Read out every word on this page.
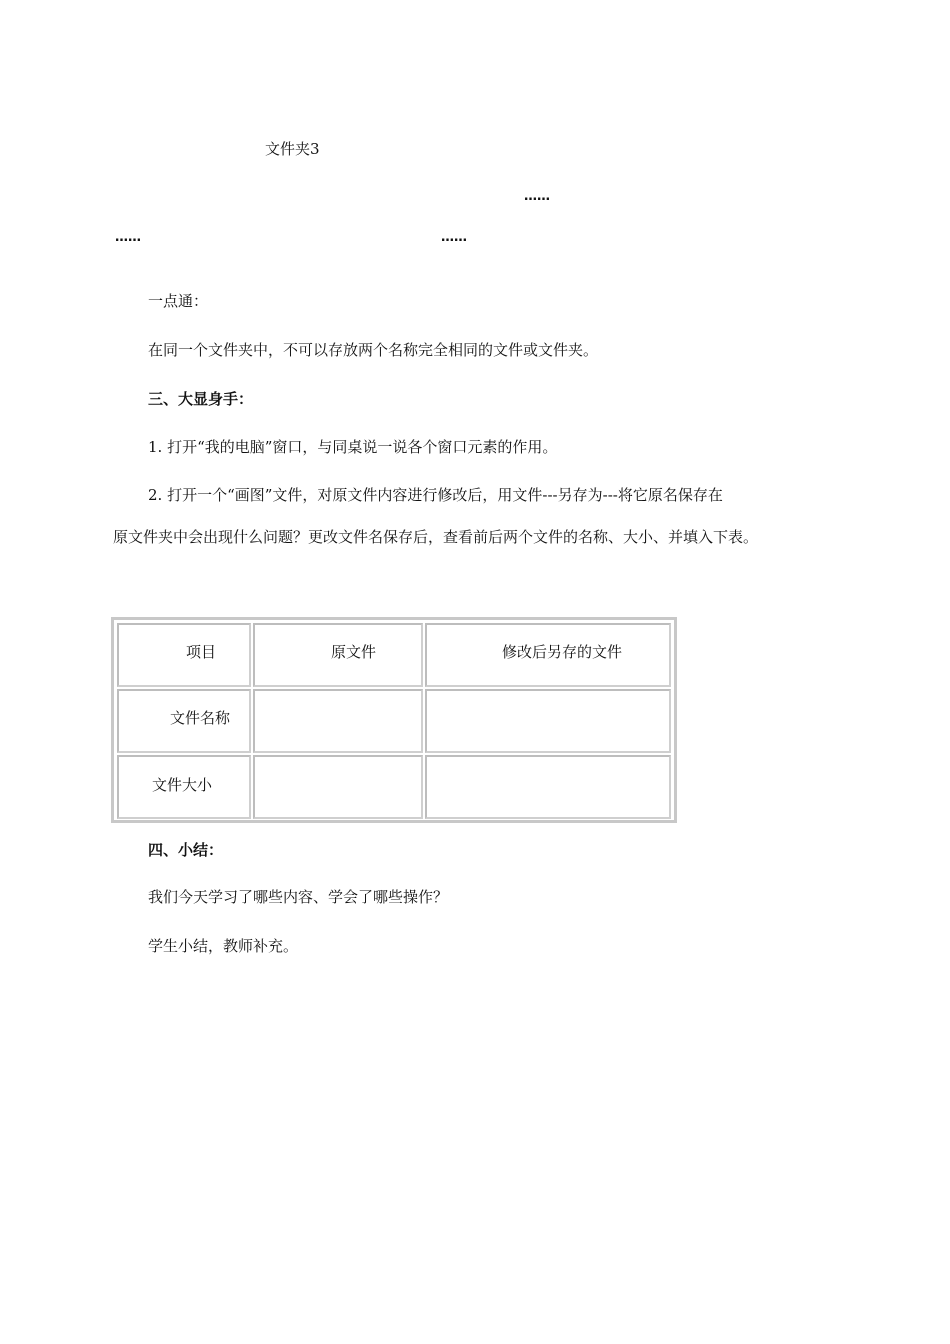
文件夹3
……
……	……
一点通：
在同一个文件夹中，不可以存放两个名称完全相同的文件或文件夹。
三、大显身手：
1. 打开“我的电脑”窗口，与同桌说一说各个窗口元素的作用。
2. 打开一个“画图”文件，对原文件内容进行修改后，用文件---另存为---将它原名保存在
原文件夹中会出现什么问题？更改文件名保存后，查看前后两个文件的名称、大小、并填入下表。
项目	原文件	修改后另存的文件
文件名称
文件大小
四、小结：
我们今天学习了哪些内容、学会了哪些操作？
学生小结，教师补充。
